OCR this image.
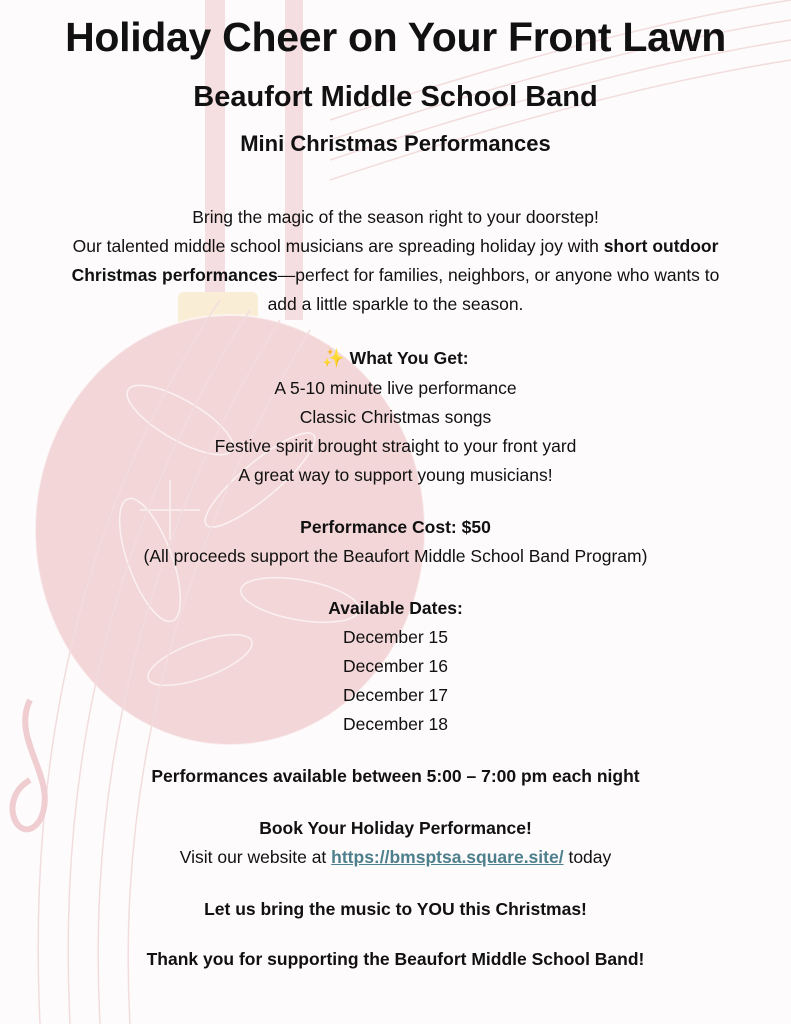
Holiday Cheer on Your Front Lawn
Beaufort Middle School Band
Mini Christmas Performances
Bring the magic of the season right to your doorstep!
Our talented middle school musicians are spreading holiday joy with short outdoor
Christmas performances—perfect for families, neighbors, or anyone who wants to
add a little sparkle to the season.
✨ What You Get:
A 5-10 minute live performance
Classic Christmas songs
Festive spirit brought straight to your front yard
A great way to support young musicians!
Performance Cost: $50
(All proceeds support the Beaufort Middle School Band Program)
Available Dates:
December 15
December 16
December 17
December 18
Performances available between 5:00 – 7:00 pm each night
Book Your Holiday Performance!
Visit our website at https://bmsptsa.square.site/ today
Let us bring the music to YOU this Christmas!
Thank you for supporting the Beaufort Middle School Band!
